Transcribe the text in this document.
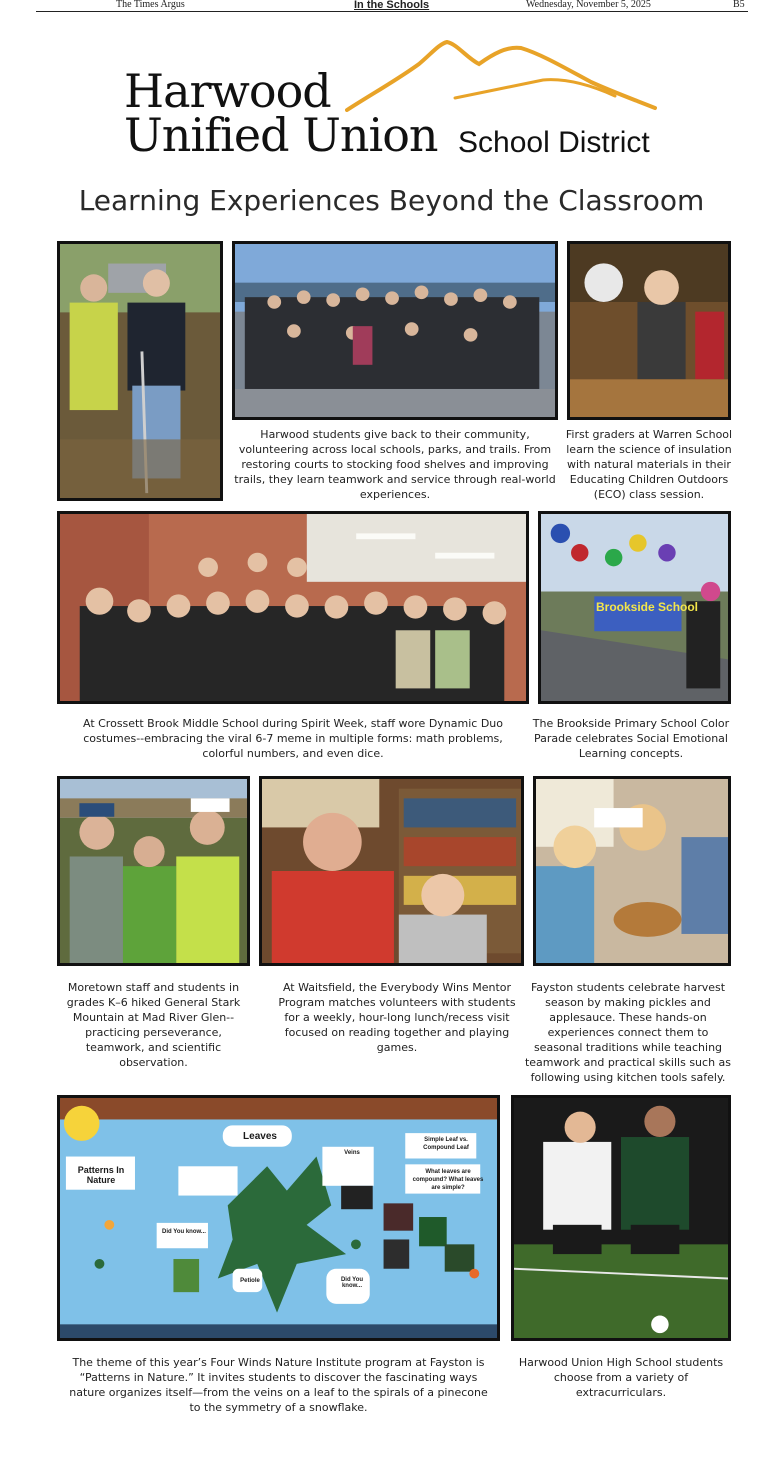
The Times Argus	In the Schools	Wednesday, November 5, 2025	B5
Harwood
Unified Union School District
Learning Experiences Beyond the Classroom
Harwood students give back to their community, volunteering across local schools, parks, and trails. From restoring courts to stocking food shelves and improving trails, they learn teamwork and service through real-world experiences.
First graders at Warren School learn the science of insulation with natural materials in their Educating Children Outdoors (ECO) class session.
Brookside School
At Crossett Brook Middle School during Spirit Week, staff wore Dynamic Duo costumes--embracing the viral 6-7 meme in multiple forms: math problems, colorful numbers, and even dice.
The Brookside Primary School Color Parade celebrates Social Emotional Learning concepts.
Moretown staff and students in grades K–6 hiked General Stark Mountain at Mad River Glen-- practicing perseverance, teamwork, and scientific observation.
At Waitsfield, the Everybody Wins Mentor Program matches volunteers with students for a weekly, hour-long lunch/recess visit focused on reading together and playing games.
Fayston students celebrate harvest season by making pickles and applesauce. These hands-on experiences connect them to seasonal traditions while teaching teamwork and practical skills such as following using kitchen tools safely.
Patterns In Nature
Leaves	Simple Leaf vs. Compound Leaf
What leaves are compound? What leaves are simple?
Did You know...
Did You know...
Petiole
Veins
The theme of this year’s Four Winds Nature Institute program at Fayston is “Patterns in Nature.” It invites students to discover the fascinating ways nature organizes itself—from the veins on a leaf to the spirals of a pinecone to the symmetry of a snowflake.
Harwood Union High School students choose from a variety of extracurriculars.
